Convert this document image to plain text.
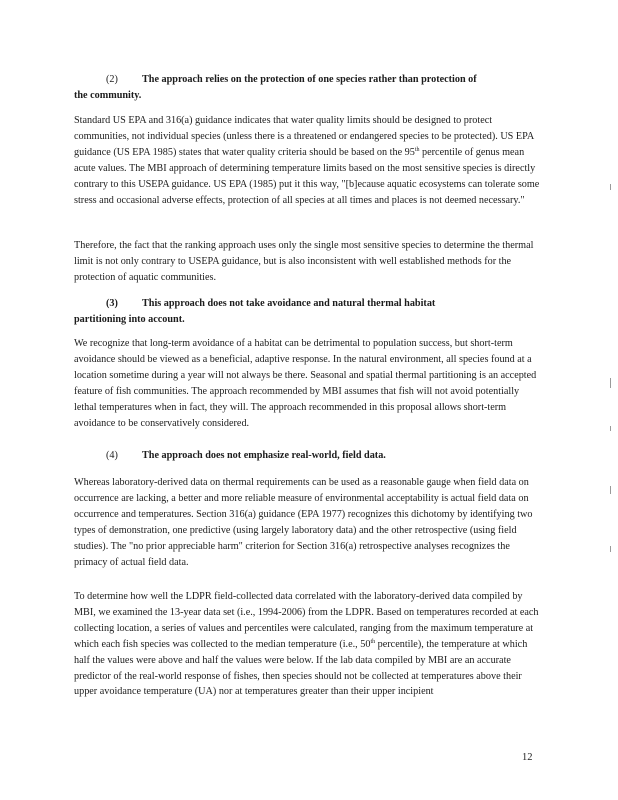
(2) The approach relies on the protection of one species rather than protection of
the community.
Standard US EPA and 316(a) guidance indicates that water quality limits should be designed to protect communities, not individual species (unless there is a threatened or endangered species to be protected). US EPA guidance (US EPA 1985) states that water quality criteria should be based on the 95th percentile of genus mean acute values. The MBI approach of determining temperature limits based on the most sensitive species is directly contrary to this USEPA guidance. US EPA (1985) put it this way, "[b]ecause aquatic ecosystems can tolerate some stress and occasional adverse effects, protection of all species at all times and places is not deemed necessary."
Therefore, the fact that the ranking approach uses only the single most sensitive species to determine the thermal limit is not only contrary to USEPA guidance, but is also inconsistent with well established methods for the protection of aquatic communities.
(3) This approach does not take avoidance and natural thermal habitat
partitioning into account.
We recognize that long-term avoidance of a habitat can be detrimental to population success, but short-term avoidance should be viewed as a beneficial, adaptive response. In the natural environment, all species found at a location sometime during a year will not always be there. Seasonal and spatial thermal partitioning is an accepted feature of fish communities. The approach recommended by MBI assumes that fish will not avoid potentially lethal temperatures when in fact, they will. The approach recommended in this proposal allows short-term avoidance to be conservatively considered.
(4) The approach does not emphasize real-world, field data.
Whereas laboratory-derived data on thermal requirements can be used as a reasonable gauge when field data on occurrence are lacking, a better and more reliable measure of environmental acceptability is actual field data on occurrence and temperatures. Section 316(a) guidance (EPA 1977) recognizes this dichotomy by identifying two types of demonstration, one predictive (using largely laboratory data) and the other retrospective (using field studies). The "no prior appreciable harm" criterion for Section 316(a) retrospective analyses recognizes the primacy of actual field data.
To determine how well the LDPR field-collected data correlated with the laboratory-derived data compiled by MBI, we examined the 13-year data set (i.e., 1994-2006) from the LDPR. Based on temperatures recorded at each collecting location, a series of values and percentiles were calculated, ranging from the maximum temperature at which each fish species was collected to the median temperature (i.e., 50th percentile), the temperature at which half the values were above and half the values were below. If the lab data compiled by MBI are an accurate predictor of the real-world response of fishes, then species should not be collected at temperatures above their upper avoidance temperature (UA) nor at temperatures greater than their upper incipient
12
